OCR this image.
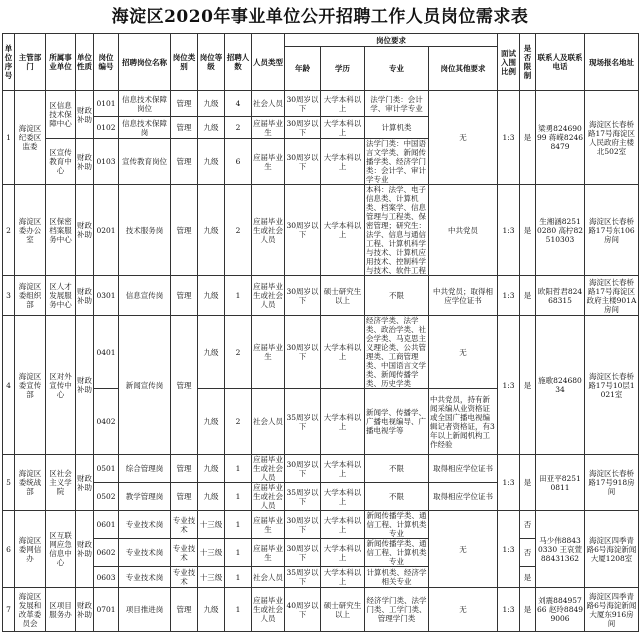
海淀区2020年事业单位公开招聘工作人员岗位需求表
单位序号	主管部门	所属事业单位	单位性质	岗位编号	招聘岗位名称	岗位类别	岗位等级	招聘人数	人员类型	岗位要求				面试入围比例	是否限制	联系人及联系电话	现场报名地址
										年龄	学历	专业	岗位其他要求				
1	海淀区纪委区监委	区信息技术保障中心	财政补助	0101	信息技术保障岗位	管理	九级	4	社会人员	30周岁以下	大学本科以上	法学门类：会计学、审计学专业	无	1:3	是	梁勇82469099 蒋嵘82468479	海淀区长春桥路17号海淀区人民政府主楼北502室
				0102	信息技术保障岗	管理	九级	2	应届毕业生	30周岁以下	大学本科以上	计算机类					
		区宣传教育中心	财政补助	0103	宣传教育岗位	管理	九级	6	应届毕业生	30周岁以下	大学本科以上	法学门类：中国语言文学类、新闻传播学类、经济学门类：会计学、审计学专业					
2	海淀区委办公室	区保密档案服务中心	财政补助	0201	技术服务岗	管理	九级	2	应届毕业生或社会人员	30周岁以下	大学本科以上	本科：法学、电子信息类、计算机类、档案学、信息管理与工程类、保密管理；研究生：法学、信息与通信工程、计算机科学与技术、计算机应用技术、控制科学与技术、软件工程	中共党员	1:3	是	生湘涵82510280 高柠82510303	海淀区长春桥路17号东106房间
3	海淀区委组织部	区人才发展服务中心	财政补助	0301	信息宣传岗	管理	九级	1	应届毕业生或社会人员	30周岁以下	硕士研究生以上	不限	中共党员；取得相应学位证书	1:3	是	欧阳哲君82468315	海淀区长春桥路17号海淀区政府主楼901A房间
4	海淀区委宣传部	区对外宣传中心	财政补助	0401	新闻宣传岗	管理	九级	2	应届毕业生	30周岁以下	大学本科以上	经济学类、法学类、政治学类、社会学类、马克思主义理论类、公共管理类、工商管理类、中国语言文学类、新闻传播学类、历史学类	无	1:3	是	施歌82468034	海淀区长春桥路17号10层1021室
				0402			九级	2	社会人员	35周岁以下	大学本科以上	新闻学、传播学、广播电视编导、广播电视学等	中共党员，持有新闻采编从业资格证或全国广播电视编辑记者资格证，有3年以上新闻机构工作经验				
5	海淀区委统战部	区社会主义学院	财政补助	0501	综合管理岗	管理	九级	1	应届毕业生或社会人员	30周岁以下	大学本科以上	不限	取得相应学位证书	1:3	是	田亚平82510811	海淀区长春桥路17号918房间
				0502	教学管理岗	管理	九级	1	应届毕业生或社会人员	35周岁以下	大学本科以上	不限	取得相应学位证书				
6	海淀区委网信办	区互联网应急信息中心	财政补助	0601	专业技术岗	专业技术	十三级	1	应届毕业生	30周岁以下	大学本科以上	新闻传播学类、通信工程、计算机类专业	无	1:3	否	马少伟88430330 王哀萱88431362	海淀区四季青路6号海淀新闻大厦1208室
				0602	专业技术岗	专业技术	十三级	1	应届毕业生	30周岁以下	大学本科以上	新闻传播学类、通信工程、计算机类专业			否		
				0603	专业技术岗	专业技术	十三级	1	社会人员	35周岁以下	大学本科以上	计算机类、经济学相关专业			是		
7	海淀区发展和改革委员会	区项目服务办	财政补助	0701	项目推进岗	管理	九级	1	应届毕业生或社会人员	40周岁以下	硕士研究生以上	经济学门类、法学门类、工学门类、管理学门类	无	1:3	是	刘震88495766 赵玲88499006	海淀区四季青路6号海淀新闻大厦东916房间
